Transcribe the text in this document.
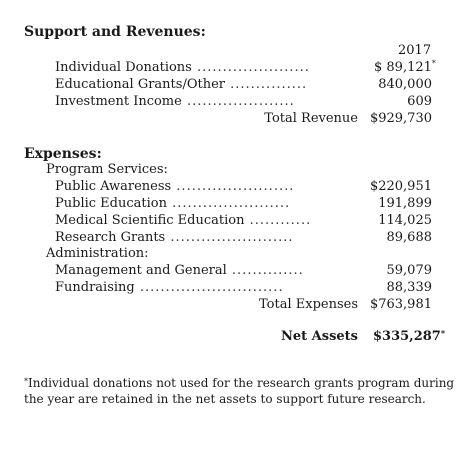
Support and Revenues:
2017
Individual Donations ......................	$ 89,121*
Educational Grants/Other ...............	840,000
Investment Income .....................	609
Total Revenue $929,730
Expenses:
Program Services:
Public Awareness .......................	$220,951
Public Education .......................	191,899
Medical Scientific Education ............	114,025
Research Grants ........................	89,688
Administration:
Management and General ..............	59,079
Fundraising ............................	88,339
Total Expenses $763,981
Net Assets $335,287*
*Individual donations not used for the research grants program during
the year are retained in the net assets to support future research.
